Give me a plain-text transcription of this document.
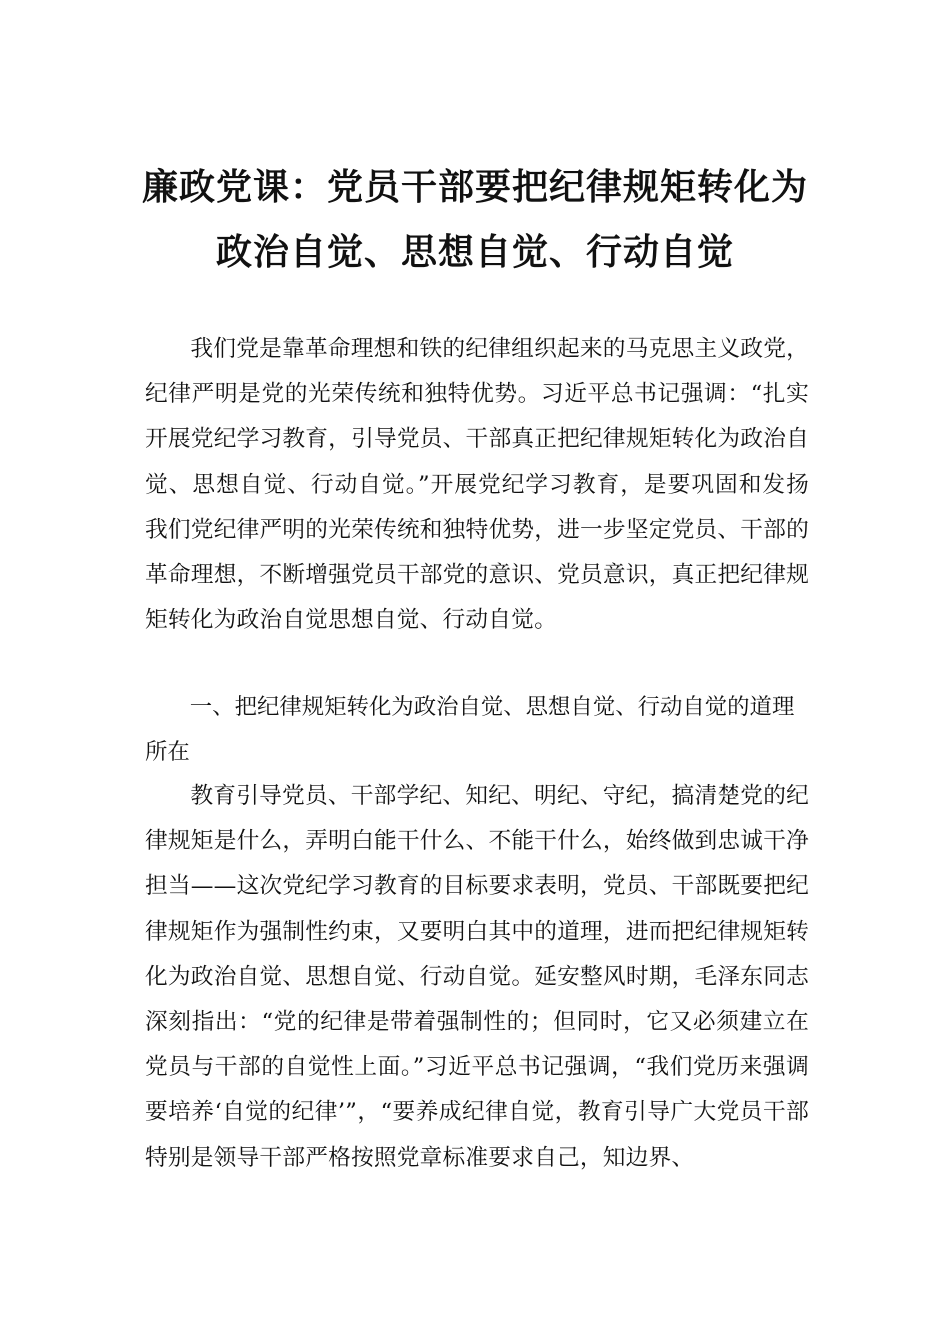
廉政党课：党员干部要把纪律规矩转化为
政治自觉、思想自觉、行动自觉

我们党是靠革命理想和铁的纪律组织起来的马克思主义政党，纪律严明是党的光荣传统和独特优势。习近平总书记强调：“扎实开展党纪学习教育，引导党员、干部真正把纪律规矩转化为政治自觉、思想自觉、行动自觉。”开展党纪学习教育，是要巩固和发扬我们党纪律严明的光荣传统和独特优势，进一步坚定党员、干部的革命理想，不断增强党员干部党的意识、党员意识，真正把纪律规矩转化为政治自觉思想自觉、行动自觉。

一、把纪律规矩转化为政治自觉、思想自觉、行动自觉的道理所在

教育引导党员、干部学纪、知纪、明纪、守纪，搞清楚党的纪律规矩是什么，弄明白能干什么、不能干什么，始终做到忠诚干净担当——这次党纪学习教育的目标要求表明，党员、干部既要把纪律规矩作为强制性约束，又要明白其中的道理，进而把纪律规矩转化为政治自觉、思想自觉、行动自觉。延安整风时期，毛泽东同志深刻指出：“党的纪律是带着强制性的；但同时，它又必须建立在党员与干部的自觉性上面。”习近平总书记强调，“我们党历来强调要培养‘自觉的纪律’”，“要养成纪律自觉，教育引导广大党员干部特别是领导干部严格按照党章标准要求自己，知边界、
